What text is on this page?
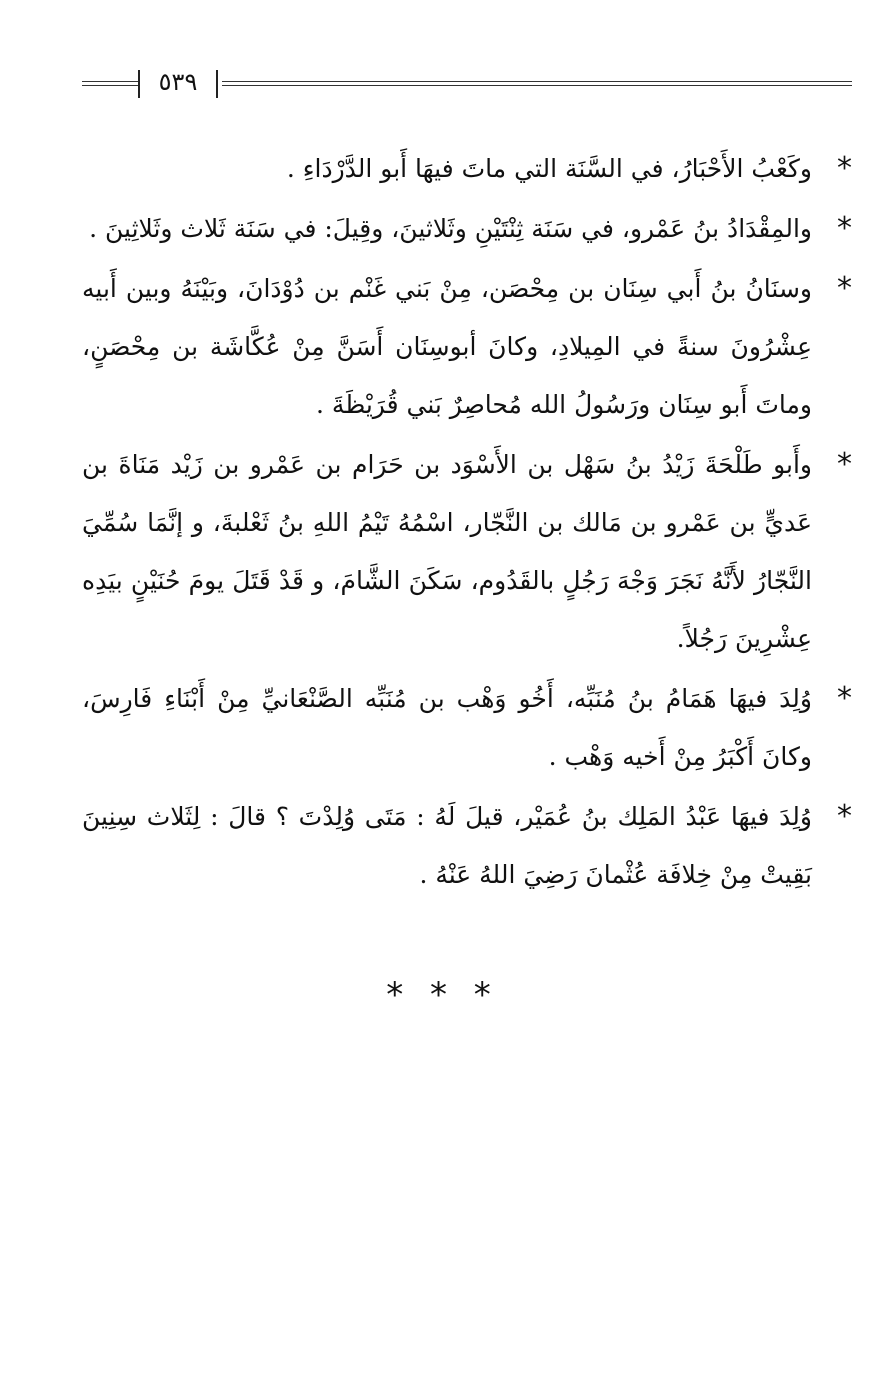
٥٣٩

*
وكَعْبُ الأَحْبَارُ، في السَّنَة التي ماتَ فيهَا أَبو الدَّرْدَاءِ .

*
والمِقْدَادُ بنُ عَمْرو، في سَنَة ثِنْتَيْنِ وثَلاثينَ، وقِيلَ: في سَنَة ثَلاث وثَلاثِينَ .

*
وسنَانُ بنُ أَبي سِنَان بن مِحْصَن، مِنْ بَني غَنْم بن دُوْدَانَ، وبَيْنَهُ وبين أَبيه عِشْرُونَ سنةً في المِيلادِ، وكانَ أبوسِنَان أَسَنَّ مِنْ عُكَّاشَة بن مِحْصَنٍ، وماتَ أَبو سِنَان ورَسُولُ الله مُحاصِرٌ بَني قُرَيْظَةَ .

*
وأَبو طَلْحَةَ زَيْدُ بنُ سَهْل بن الأَسْوَد بن حَرَام بن عَمْرو بن زَيْد مَنَاةَ بن عَديٍّ بن عَمْرو بن مَالك بن النَّجّار، اسْمُهُ تَيْمُ اللهِ بنُ ثَعْلبةَ، و إنَّمَا سُمِّيَ النَّجّارُ لأَنَّهُ نَجَرَ وَجْهَ رَجُلٍ بالقَدُوم، سَكَنَ الشَّامَ، و قَدْ قَتَلَ يومَ حُنَيْنٍ بيَدِه عِشْرِينَ رَجُلاً.

*
وُلِدَ فيهَا هَمَامُ بنُ مُنَبِّه، أَخُو وَهْب بن مُنَبِّه الصَّنْعَانيِّ مِنْ أَبْنَاءِ فَارِسَ، وكانَ أَكْبَرُ مِنْ أَخيه وَهْب .

*
وُلِدَ فيهَا عَبْدُ المَلِك بنُ عُمَيْر، قيلَ لَهُ : مَتَى وُلِدْتَ ؟ قالَ : لِثَلاث سِنِينَ بَقِيتْ مِنْ خِلافَة عُثْمانَ رَضِيَ اللهُ عَنْهُ .

* * *
